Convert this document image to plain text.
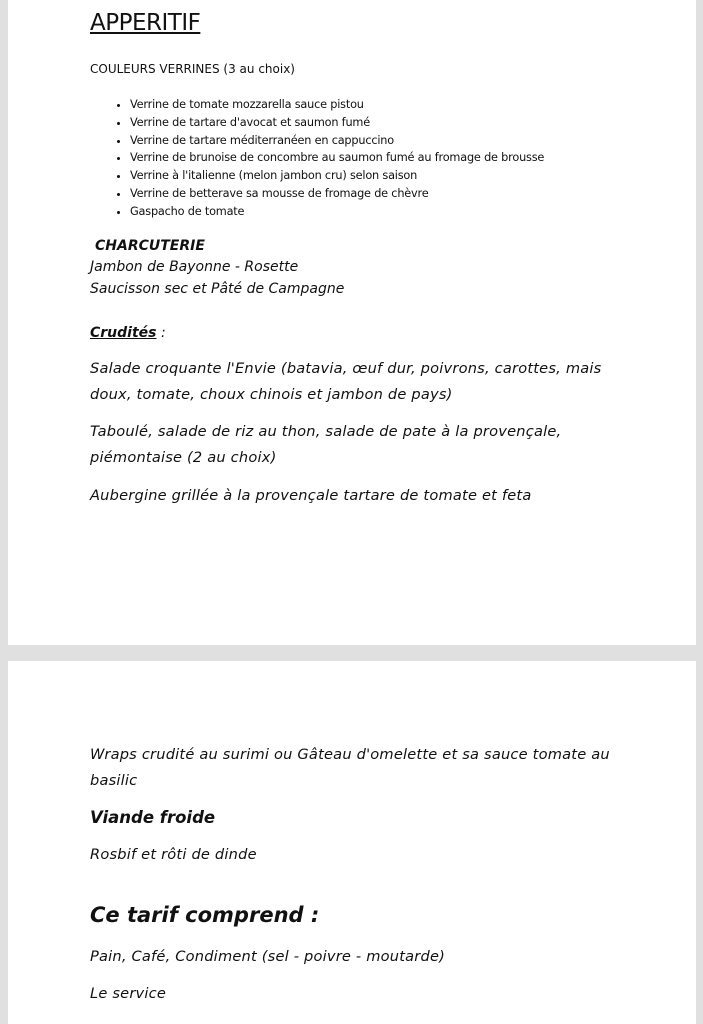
APPERITIF
COULEURS VERRINES (3 au choix)
• Verrine de tomate mozzarella sauce pistou
• Verrine de tartare d'avocat et saumon fumé
• Verrine de tartare méditerranéen en cappuccino
• Verrine de brunoise de concombre au saumon fumé au fromage de brousse
• Verrine à l'italienne (melon jambon cru) selon saison
• Verrine de betterave sa mousse de fromage de chèvre
• Gaspacho de tomate
CHARCUTERIE
Jambon de Bayonne - Rosette
Saucisson sec et Pâté de Campagne
Crudités :
Salade croquante l'Envie (batavia, œuf dur, poivrons, carottes, mais doux, tomate, choux chinois et jambon de pays)
Taboulé, salade de riz au thon, salade de pate à la provençale, piémontaise (2 au choix)
Aubergine grillée à la provençale tartare de tomate et feta
Wraps crudité au surimi ou Gâteau d'omelette et sa sauce tomate au basilic
Viande froide
Rosbif et rôti de dinde
Ce tarif comprend :
Pain, Café, Condiment (sel - poivre - moutarde)
Le service
